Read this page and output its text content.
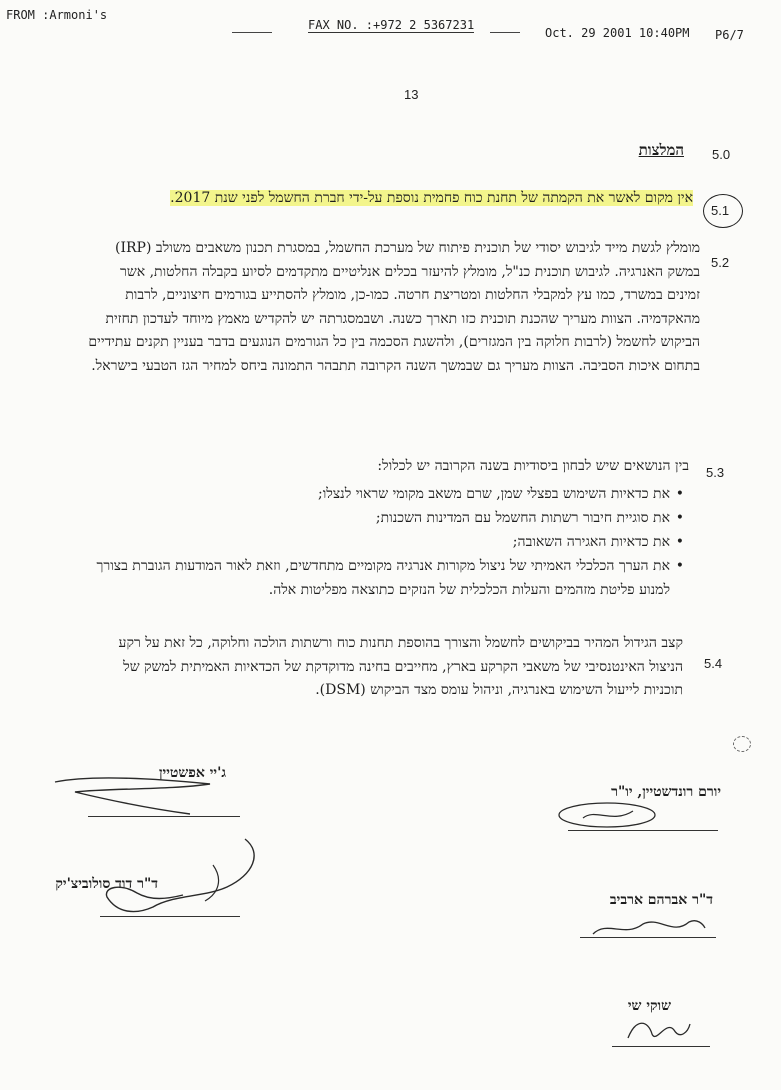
FROM :Armoni's
FAX NO. :+972 2 5367231
Oct. 29 2001 10:40PM P6/7
13
5.0
המלצות
5.1
אין מקום לאשר את הקמתה של תחנת כוח פחמית נוספת על-ידי חברת החשמל לפני שנת 2017.
5.2
מומלץ לגשת מייד לגיבוש יסודי של תוכנית פיתוח של מערכת החשמל, במסגרת תכנון משאבים משולב (IRP) במשק האנרגיה. לגיבוש תוכנית כנ"ל, מומלץ להיעזר בכלים אנליטיים מתקדמים לסיוע בקבלה החלטות, אשר זמינים במשרד, כמו עץ למקבלי החלטות ומטריצת חרטה. כמו-כן, מומלץ להסתייע בגורמים חיצוניים, לרבות מהאקדמיה. הצוות מעריך שהכנת תוכנית כזו תארך כשנה. ושבמסגרתה יש להקדיש מאמץ מיוחד לעדכון תחזית הביקוש לחשמל (לרבות חלוקה בין המגזרים), ולהשגת הסכמה בין כל הגורמים הנוגעים בדבר בעניין תקנים עתידיים בתחום איכות הסביבה. הצוות מעריך גם שבמשך השנה הקרובה תתבהר התמונה ביחס למחיר הגז הטבעי בישראל.
5.3
בין הנושאים שיש לבחון ביסודיות בשנה הקרובה יש לכלול:
• את כדאיות השימוש בפצלי שמן, שרם משאב מקומי שראוי לנצלו;
• את סוגיית חיבור רשתות החשמל עם המדינות השכנות;
• את כדאיות האגירה השאובה;
• את הערך הכלכלי האמיתי של ניצול מקורות אנרגיה מקומיים מתחדשים, וזאת לאור המודעות הגוברת בצורך למנוע פליטת מזהמים והעלות הכלכלית של הנזקים כתוצאה מפליטות אלה.
5.4
קצב הגידול המהיר בביקושים לחשמל והצורך בהוספת תחנות כוח ורשתות הולכה וחלוקה, כל זאת על רקע הניצול האינטנסיבי של משאבי הקרקע בארץ, מחייבים בחינה מדוקדקת של הכדאיות האמיתית למשק של תוכניות לייעול השימוש באנרגיה, וניהול עומס מצד הביקוש (DSM).
ג'יי אפשטיין
ד"ר דוד סולוביצ'יק
יורם רונדשטיין, יו"ר
ד"ר אברהם ארביב
שוקי שי
